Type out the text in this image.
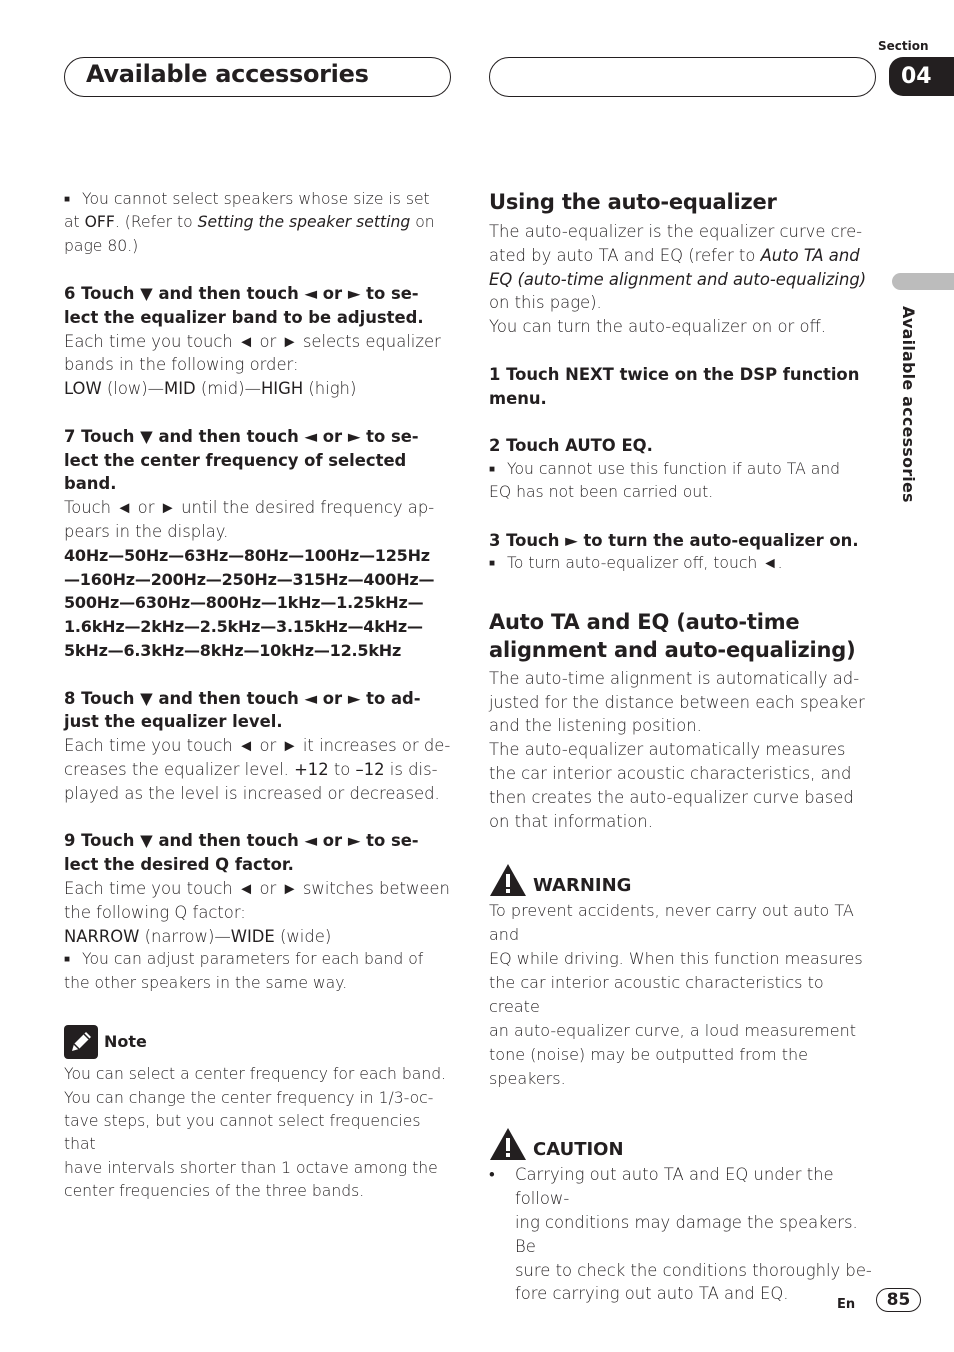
Available accessories
Section
04
Available accessories

■ You cannot select speakers whose size is set
at OFF. (Refer to Setting the speaker setting on
page 80.)

6 Touch ▼ and then touch ◄ or ► to se-
lect the equalizer band to be adjusted.

Each time you touch ◄ or ► selects equalizer
bands in the following order:
LOW (low)—MID (mid)—HIGH (high)

7 Touch ▼ and then touch ◄ or ► to se-
lect the center frequency of selected band.

Touch ◄ or ► until the desired frequency ap-
pears in the display.

40Hz—50Hz—63Hz—80Hz—100Hz—125Hz
—160Hz—200Hz—250Hz—315Hz—400Hz—
500Hz—630Hz—800Hz—1kHz—1.25kHz—
1.6kHz—2kHz—2.5kHz—3.15kHz—4kHz—
5kHz—6.3kHz—8kHz—10kHz—12.5kHz

8 Touch ▼ and then touch ◄ or ► to ad-
just the equalizer level.

Each time you touch ◄ or ► it increases or de-
creases the equalizer level. +12 to –12 is dis-
played as the level is increased or decreased.

9 Touch ▼ and then touch ◄ or ► to se-
lect the desired Q factor.

Each time you touch ◄ or ► switches between
the following Q factor:
NARROW (narrow)—WIDE (wide)

■ You can adjust parameters for each band of
the other speakers in the same way.

Note

You can select a center frequency for each band.
You can change the center frequency in 1/3-oc-
tave steps, but you cannot select frequencies that
have intervals shorter than 1 octave among the
center frequencies of the three bands.

Using the auto-equalizer

The auto-equalizer is the equalizer curve cre-
ated by auto TA and EQ (refer to Auto TA and
EQ (auto-time alignment and auto-equalizing)
on this page).
You can turn the auto-equalizer on or off.

1 Touch NEXT twice on the DSP function
menu.

2 Touch AUTO EQ.

■ You cannot use this function if auto TA and
EQ has not been carried out.

3 Touch ► to turn the auto-equalizer on.

■ To turn auto-equalizer off, touch ◄.

Auto TA and EQ (auto-time
alignment and auto-equalizing)

The auto-time alignment is automatically ad-
justed for the distance between each speaker
and the listening position.
The auto-equalizer automatically measures
the car interior acoustic characteristics, and
then creates the auto-equalizer curve based
on that information.

WARNING

To prevent accidents, never carry out auto TA and
EQ while driving. When this function measures
the car interior acoustic characteristics to create
an auto-equalizer curve, a loud measurement
tone (noise) may be outputted from the speakers.

CAUTION
•	Carrying out auto TA and EQ under the follow-
ing conditions may damage the speakers. Be
sure to check the conditions thoroughly be-
fore carrying out auto TA and EQ.

En	85
